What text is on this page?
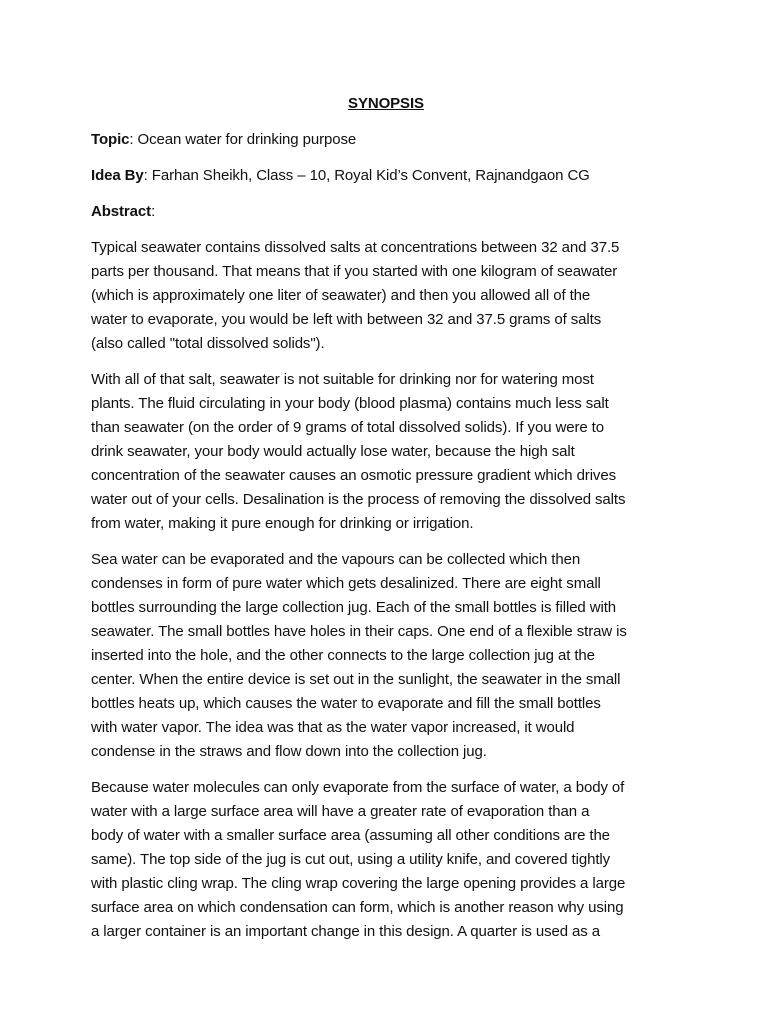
SYNOPSIS
Topic: Ocean water for drinking purpose
Idea By: Farhan Sheikh, Class – 10, Royal Kid’s Convent, Rajnandgaon CG
Abstract:
Typical seawater contains dissolved salts at concentrations between 32 and 37.5
parts per thousand. That means that if you started with one kilogram of seawater
(which is approximately one liter of seawater) and then you allowed all of the
water to evaporate, you would be left with between 32 and 37.5 grams of salts
(also called "total dissolved solids").
With all of that salt, seawater is not suitable for drinking nor for watering most
plants. The fluid circulating in your body (blood plasma) contains much less salt
than seawater (on the order of 9 grams of total dissolved solids). If you were to
drink seawater, your body would actually lose water, because the high salt
concentration of the seawater causes an osmotic pressure gradient which drives
water out of your cells. Desalination is the process of removing the dissolved salts
from water, making it pure enough for drinking or irrigation.
Sea water can be evaporated and the vapours can be collected which then
condenses in form of pure water which gets desalinized. There are eight small
bottles surrounding the large collection jug. Each of the small bottles is filled with
seawater. The small bottles have holes in their caps. One end of a flexible straw is
inserted into the hole, and the other connects to the large collection jug at the
center. When the entire device is set out in the sunlight, the seawater in the small
bottles heats up, which causes the water to evaporate and fill the small bottles
with water vapor. The idea was that as the water vapor increased, it would
condense in the straws and flow down into the collection jug.
Because water molecules can only evaporate from the surface of water, a body of
water with a large surface area will have a greater rate of evaporation than a
body of water with a smaller surface area (assuming all other conditions are the
same). The top side of the jug is cut out, using a utility knife, and covered tightly
with plastic cling wrap. The cling wrap covering the large opening provides a large
surface area on which condensation can form, which is another reason why using
a larger container is an important change in this design. A quarter is used as a
